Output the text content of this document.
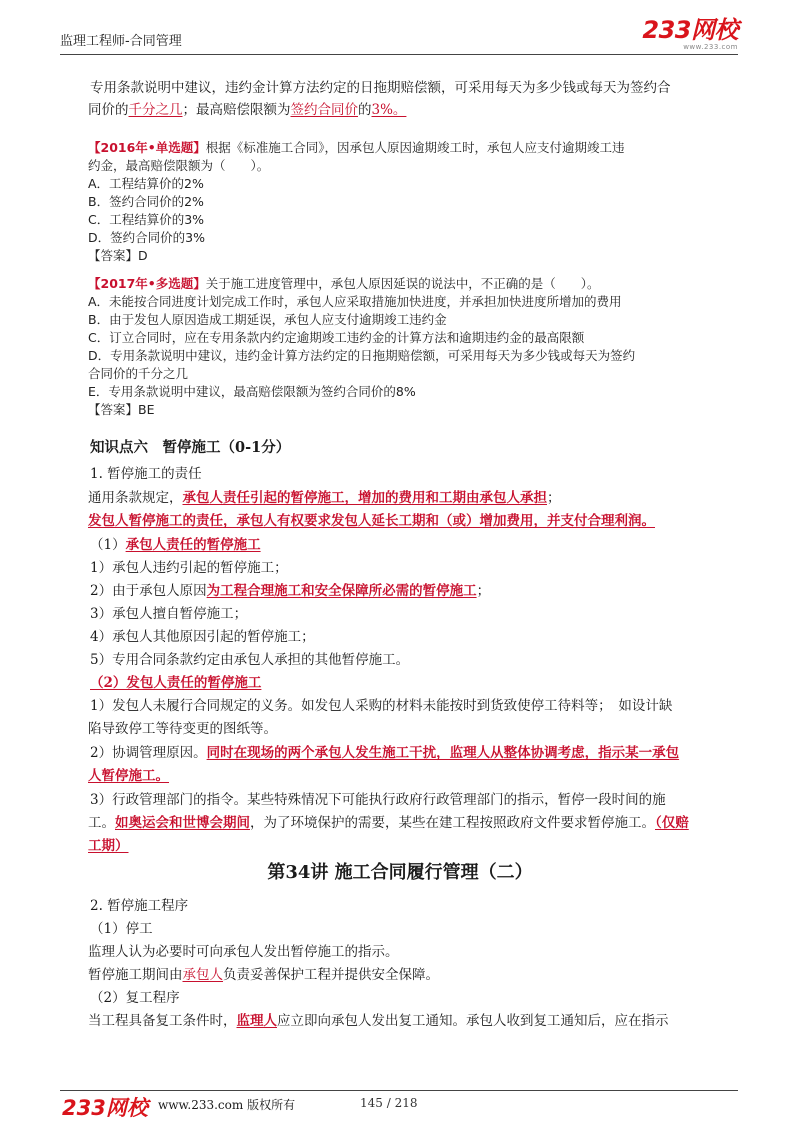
监理工程师-合同管理	233网校
www.233.com
专用条款说明中建议，违约金计算方法约定的日拖期赔偿额，可采用每天为多少钱或每天为签约合
同价的千分之几；最高赔偿限额为签约合同价的3%。
【2016年•单选题】根据《标准施工合同》，因承包人原因逾期竣工时，承包人应支付逾期竣工违
约金，最高赔偿限额为（　　）。
A．工程结算价的2%
B．签约合同价的2%
C．工程结算价的3%
D．签约合同价的3%
【答案】D
【2017年•多选题】关于施工进度管理中，承包人原因延误的说法中，不正确的是（　　）。
A．未能按合同进度计划完成工作时，承包人应采取措施加快进度，并承担加快进度所增加的费用
B．由于发包人原因造成工期延误，承包人应支付逾期竣工违约金
C．订立合同时，应在专用条款内约定逾期竣工违约金的计算方法和逾期违约金的最高限额
D．专用条款说明中建议，违约金计算方法约定的日拖期赔偿额，可采用每天为多少钱或每天为签约
合同价的千分之几
E．专用条款说明中建议，最高赔偿限额为签约合同价的8%
【答案】BE
知识点六　暂停施工（0-1分）
1. 暂停施工的责任
通用条款规定，承包人责任引起的暂停施工，增加的费用和工期由承包人承担；
发包人暂停施工的责任，承包人有权要求发包人延长工期和（或）增加费用，并支付合理利润。
（1）承包人责任的暂停施工
1）承包人违约引起的暂停施工；
2）由于承包人原因为工程合理施工和安全保障所必需的暂停施工；
3）承包人擅自暂停施工；
4）承包人其他原因引起的暂停施工；
5）专用合同条款约定由承包人承担的其他暂停施工。
（2）发包人责任的暂停施工
1）发包人未履行合同规定的义务。如发包人采购的材料未能按时到货致使停工待料等；　如设计缺
陷导致停工等待变更的图纸等。
2）协调管理原因。同时在现场的两个承包人发生施工干扰，监理人从整体协调考虑，指示某一承包
人暂停施工。
3）行政管理部门的指令。某些特殊情况下可能执行政府行政管理部门的指示，暂停一段时间的施
工。如奥运会和世博会期间，为了环境保护的需要，某些在建工程按照政府文件要求暂停施工。（仅赔
工期）
第34讲 施工合同履行管理（二）
2. 暂停施工程序
（1）停工
监理人认为必要时可向承包人发出暂停施工的指示。
暂停施工期间由承包人负责妥善保护工程并提供安全保障。
（2）复工程序
当工程具备复工条件时，监理人应立即向承包人发出复工通知。承包人收到复工通知后，应在指示
233网校 www.233.com 版权所有	145 / 218
